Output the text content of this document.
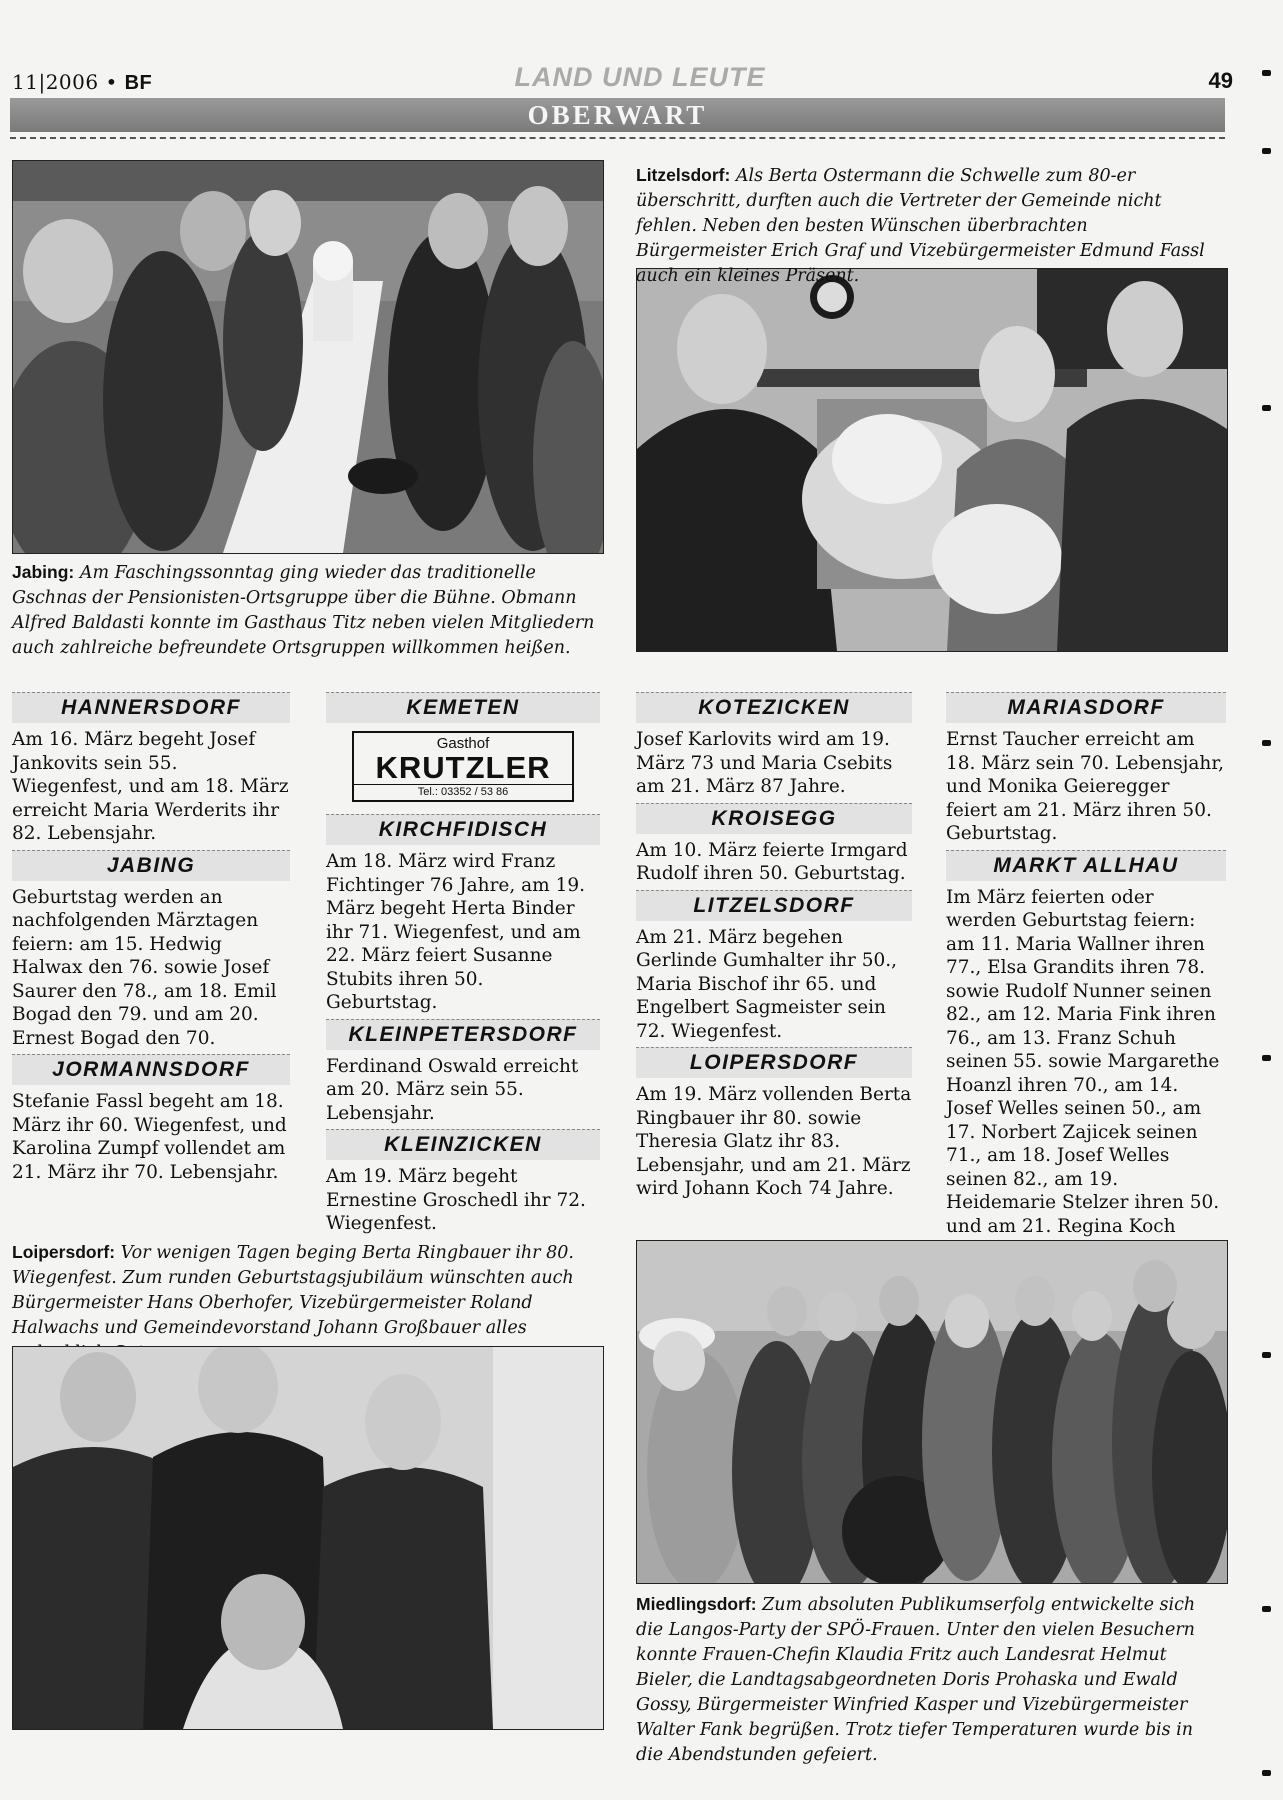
11|2006 • BF	LAND UND LEUTE	49
OBERWART
Litzelsdorf: Als Berta Ostermann die Schwelle zum 80-er überschritt, durften auch die Vertreter der Gemeinde nicht fehlen. Neben den besten Wünschen überbrachten Bürgermeister Erich Graf und Vizebürgermeister Edmund Fassl auch ein kleines Präsent.
Jabing: Am Faschingssonntag ging wieder das traditionelle Gschnas der Pensionisten-Ortsgruppe über die Bühne. Obmann Alfred Baldasti konnte im Gasthaus Titz neben vielen Mitgliedern auch zahlreiche befreundete Ortsgruppen willkommen heißen.
HANNERSDORF
Am 16. März begeht Josef Jankovits sein 55. Wiegenfest, und am 18. März erreicht Maria Werderits ihr 82. Lebensjahr.
JABING
Geburtstag werden an nachfolgenden Märztagen feiern: am 15. Hedwig Halwax den 76. sowie Josef Saurer den 78., am 18. Emil Bogad den 79. und am 20. Ernest Bogad den 70.
JORMANNSDORF
Stefanie Fassl begeht am 18. März ihr 60. Wiegenfest, und Karolina Zumpf vollendet am 21. März ihr 70. Lebensjahr.
KEMETEN
Gasthof
KRUTZLER
Tel.: 03352 / 53 86
KIRCHFIDISCH
Am 18. März wird Franz Fichtinger 76 Jahre, am 19. März begeht Herta Binder ihr 71. Wiegenfest, und am 22. März feiert Susanne Stubits ihren 50. Geburtstag.
KLEINPETERSDORF
Ferdinand Oswald erreicht am 20. März sein 55. Lebensjahr.
KLEINZICKEN
Am 19. März begeht Ernestine Groschedl ihr 72. Wiegenfest.
KOTEZICKEN
Josef Karlovits wird am 19. März 73 und Maria Csebits am 21. März 87 Jahre.
KROISEGG
Am 10. März feierte Irmgard Rudolf ihren 50. Geburtstag.
LITZELSDORF
Am 21. März begehen Gerlinde Gumhalter ihr 50., Maria Bischof ihr 65. und Engelbert Sagmeister sein 72. Wiegenfest.
LOIPERSDORF
Am 19. März vollenden Berta Ringbauer ihr 80. sowie Theresia Glatz ihr 83. Lebensjahr, und am 21. März wird Johann Koch 74 Jahre.
MARIASDORF
Ernst Taucher erreicht am 18. März sein 70. Lebensjahr, und Monika Geieregger feiert am 21. März ihren 50. Geburtstag.
MARKT ALLHAU
Im März feierten oder werden Geburtstag feiern: am 11. Maria Wallner ihren 77., Elsa Grandits ihren 78. sowie Rudolf Nunner seinen 82., am 12. Maria Fink ihren 76., am 13. Franz Schuh seinen 55. sowie Margarethe Hoanzl ihren 70., am 14. Josef Welles seinen 50., am 17. Norbert Zajicek seinen 71., am 18. Josef Welles seinen 82., am 19. Heidemarie Stelzer ihren 50. und am 21. Regina Koch
Loipersdorf: Vor wenigen Tagen beging Berta Ringbauer ihr 80. Wiegenfest. Zum runden Geburtstagsjubiläum wünschten auch Bürgermeister Hans Oberhofer, Vizebürgermeister Roland Halwachs und Gemeindevorstand Johann Großbauer alles
Miedlingsdorf: Zum absoluten Publikumserfolg entwickelte sich die Langos-Party der SPÖ-Frauen. Unter den vielen Besuchern konnte Frauen-Chefin Klaudia Fritz auch Landesrat Helmut Bieler, die Landtagsabgeordneten Doris Prohaska und Ewald Gossy, Bürgermeister Winfried Kasper und Vizebürgermeister Walter Fank begrüßen. Trotz tiefer Temperaturen wurde bis in die Abendstunden gefeiert.
